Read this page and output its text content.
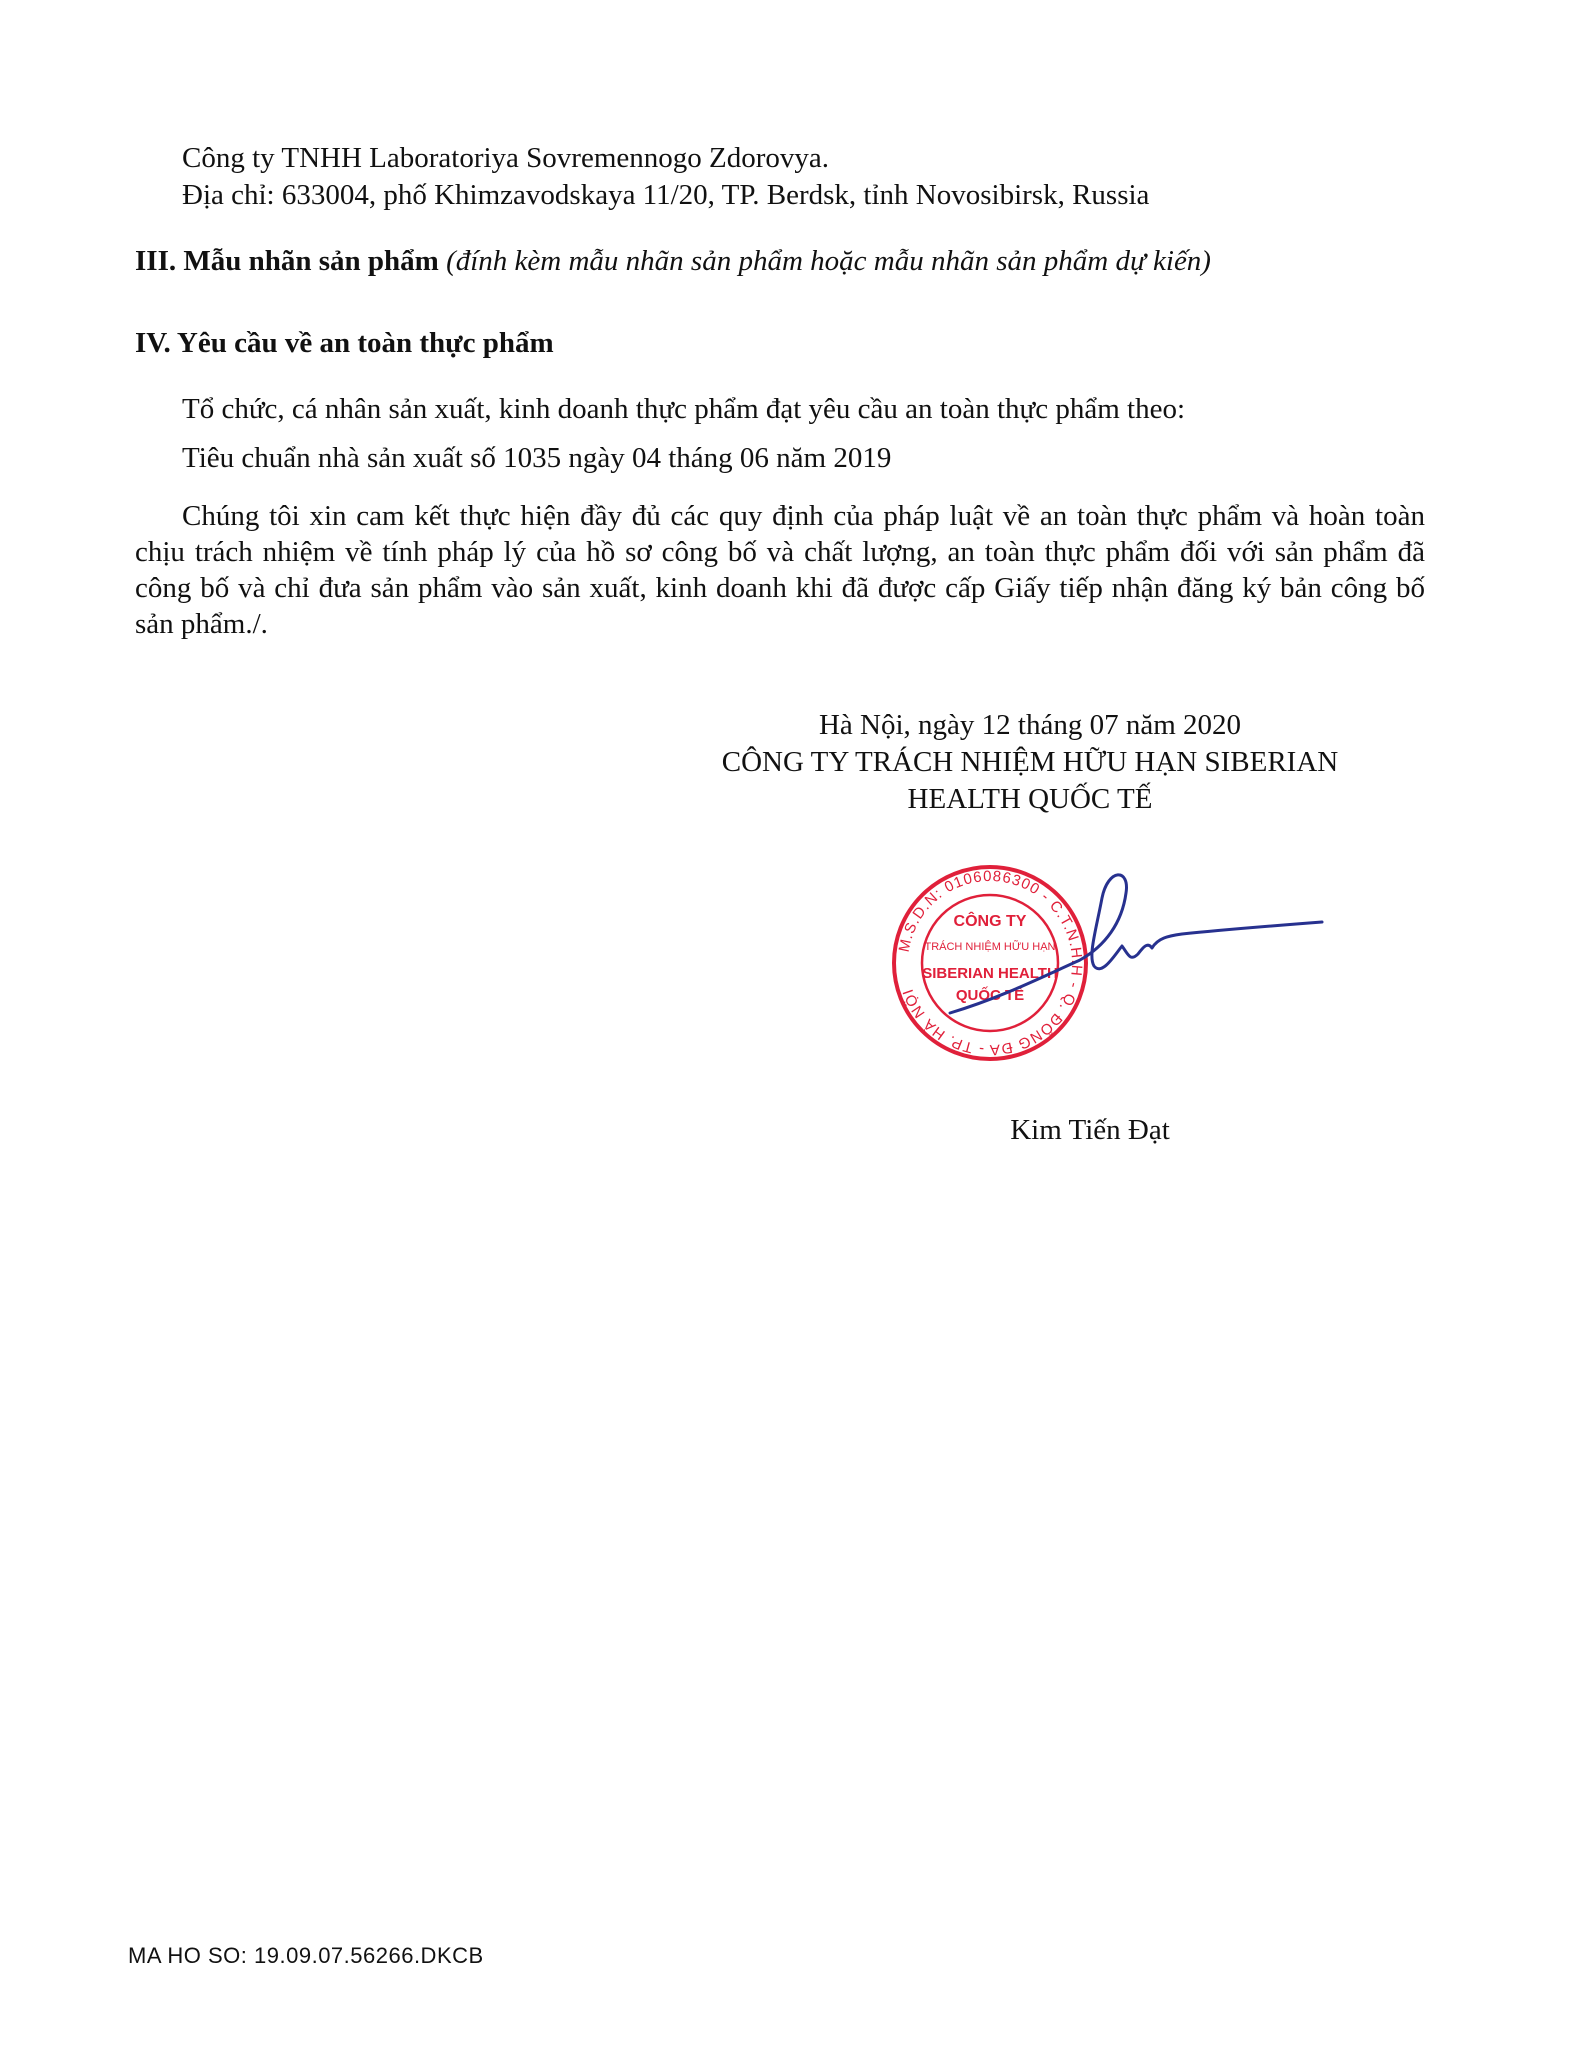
Công ty TNHH Laboratoriya Sovremennogo Zdorovya.
Địa chỉ: 633004, phố Khimzavodskaya 11/20, TP. Berdsk, tỉnh Novosibirsk, Russia
III. Mẫu nhãn sản phẩm (đính kèm mẫu nhãn sản phẩm hoặc mẫu nhãn sản phẩm dự kiến)
IV. Yêu cầu về an toàn thực phẩm
Tổ chức, cá nhân sản xuất, kinh doanh thực phẩm đạt yêu cầu an toàn thực phẩm theo:
Tiêu chuẩn nhà sản xuất số 1035 ngày 04 tháng 06 năm 2019
Chúng tôi xin cam kết thực hiện đầy đủ các quy định của pháp luật về an toàn thực phẩm và hoàn toàn chịu trách nhiệm về tính pháp lý của hồ sơ công bố và chất lượng, an toàn thực phẩm đối với sản phẩm đã công bố và chỉ đưa sản phẩm vào sản xuất, kinh doanh khi đã được cấp Giấy tiếp nhận đăng ký bản công bố sản phẩm./.
Hà Nội, ngày 12 tháng 07 năm 2020
CÔNG TY TRÁCH NHIỆM HỮU HẠN SIBERIAN
HEALTH QUỐC TẾ
M.S.D.N: 0106086300 - C.T.N.H.H - Q. ĐỐNG ĐA - TP. HÀ NỘI
CÔNG TY
TRÁCH NHIỆM HỮU HẠN
SIBERIAN HEALTH
QUỐC TẾ
Kim Tiến Đạt
MA HO SO: 19.09.07.56266.DKCB
